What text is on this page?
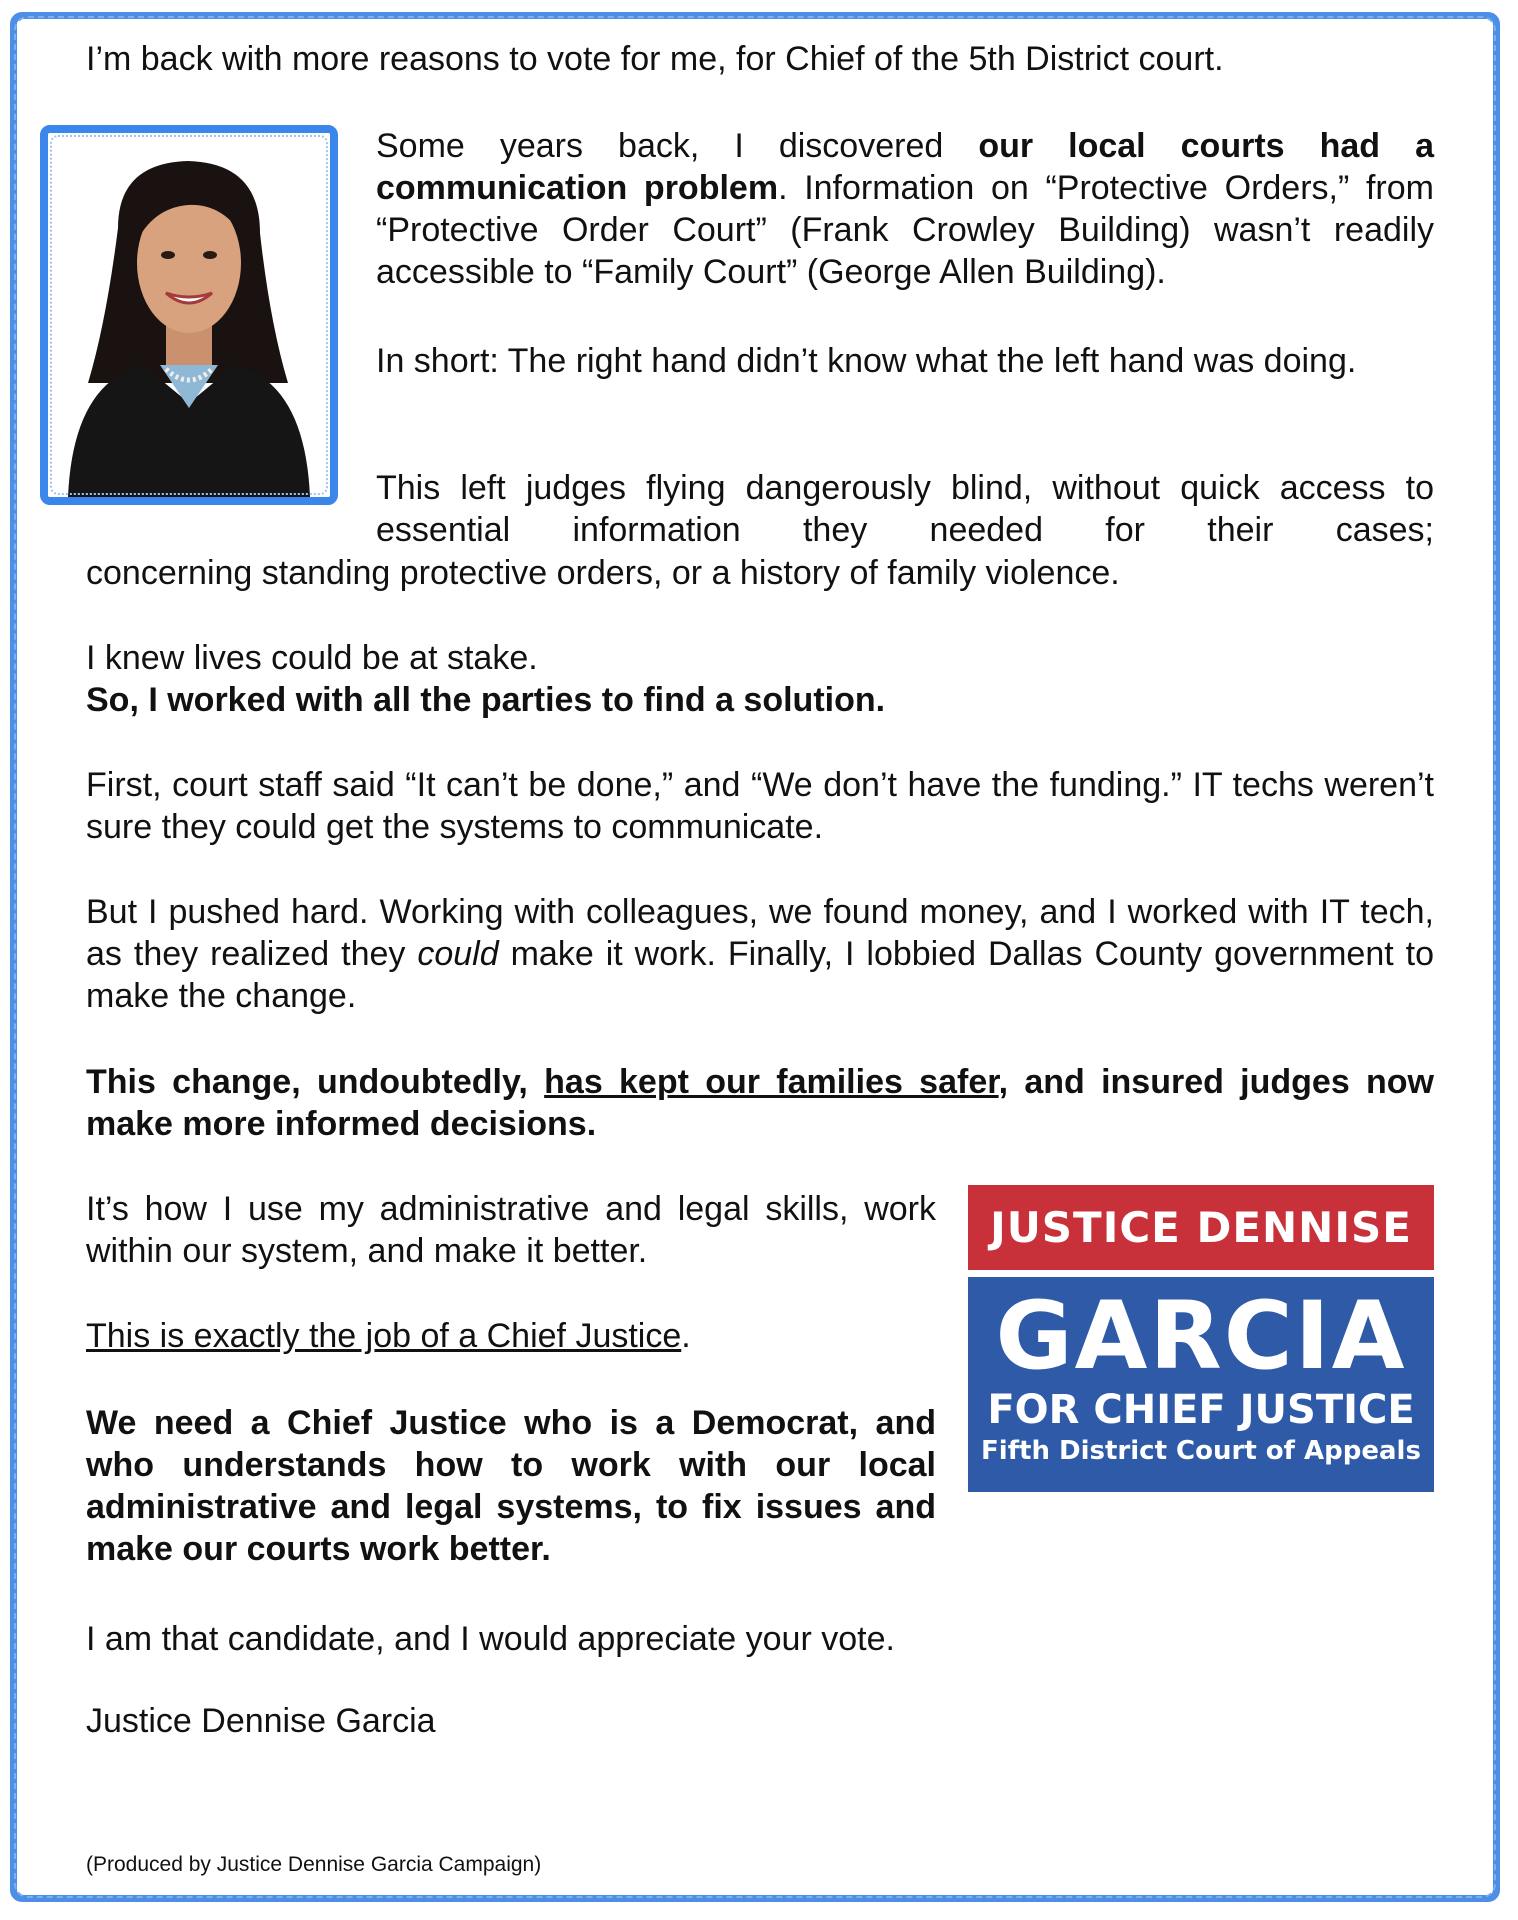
I’m back with more reasons to vote for me, for Chief of the 5th District court.

Some years back, I discovered our local courts had a communication problem. Information on “Protective Orders,” from “Protective Order Court” (Frank Crowley Building) wasn’t readily accessible to “Family Court” (George Allen Building).

In short: The right hand didn’t know what the left hand was doing.

This left judges flying dangerously blind, without quick access to essential information they needed for their cases;

concerning standing protective orders, or a history of family violence.

I knew lives could be at stake.
So, I worked with all the parties to find a solution.

First, court staff said “It can’t be done,” and “We don’t have the funding.” IT techs weren’t sure they could get the systems to communicate.

But I pushed hard. Working with colleagues, we found money, and I worked with IT tech, as they realized they could make it work. Finally, I lobbied Dallas County government to make the change.

This change, undoubtedly, has kept our families safer, and insured judges now make more informed decisions.

It’s how I use my administrative and legal skills, work within our system, and make it better.

This is exactly the job of a Chief Justice.

We need a Chief Justice who is a Democrat, and who understands how to work with our local administrative and legal systems, to fix issues and make our courts work better.

I am that candidate, and I would appreciate your vote.

Justice Dennise Garcia

(Produced by Justice Dennise Garcia Campaign)
JUSTICE DENNISE
GARCIA
FOR CHIEF JUSTICE
Fifth District Court of Appeals
